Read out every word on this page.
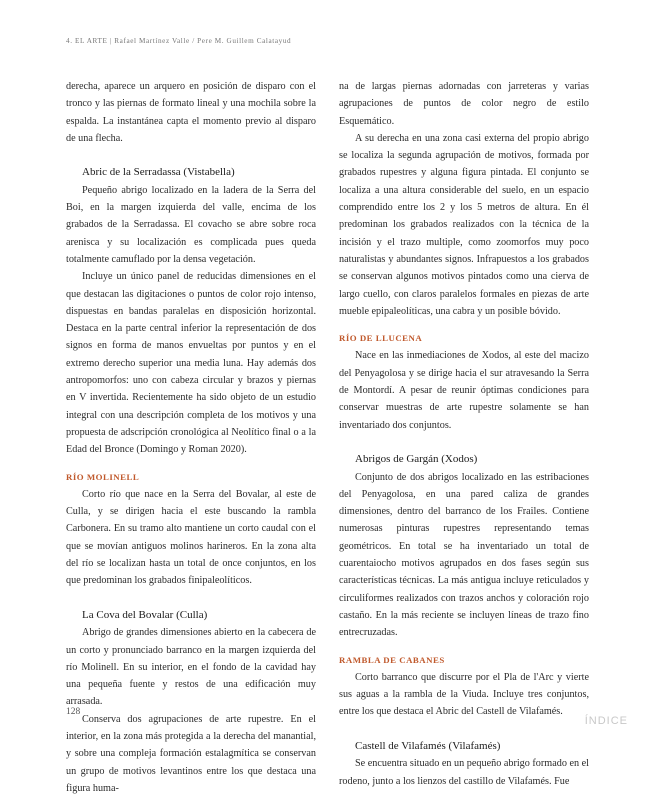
4. EL ARTE | Rafael Martínez Valle / Pere M. Guillem Calatayud

derecha, aparece un arquero en posición de disparo con el tronco y las piernas de formato lineal y una mochila sobre la espalda. La instantánea capta el momento previo al disparo de una flecha.

Abric de la Serradassa (Vistabella)

Pequeño abrigo localizado en la ladera de la Serra del Boi, en la margen izquierda del valle, encima de los grabados de la Serradassa. El covacho se abre sobre roca arenisca y su localización es complicada pues queda totalmente camuflado por la densa vegetación.

Incluye un único panel de reducidas dimensiones en el que destacan las digitaciones o puntos de color rojo intenso, dispuestas en bandas paralelas en disposición horizontal. Destaca en la parte central inferior la representación de dos signos en forma de manos envueltas por puntos y en el extremo derecho superior una media luna. Hay además dos antropomorfos: uno con cabeza circular y brazos y piernas en V invertida. Recientemente ha sido objeto de un estudio integral con una descripción completa de los motivos y una propuesta de adscripción cronológica al Neolítico final o a la Edad del Bronce (Domingo y Roman 2020).

RÍO MOLINELL

Corto río que nace en la Serra del Bovalar, al este de Culla, y se dirigen hacia el este buscando la rambla Carbonera. En su tramo alto mantiene un corto caudal con el que se movían antiguos molinos harineros. En la zona alta del río se localizan hasta un total de once conjuntos, en los que predominan los grabados finipaleolíticos.

La Cova del Bovalar (Culla)

Abrigo de grandes dimensiones abierto en la cabecera de un corto y pronunciado barranco en la margen izquierda del río Molinell. En su interior, en el fondo de la cavidad hay una pequeña fuente y restos de una edificación muy arrasada.

Conserva dos agrupaciones de arte rupestre. En el interior, en la zona más protegida a la derecha del manantial, y sobre una compleja formación estalagmítica se conservan un grupo de motivos levantinos entre los que destaca una figura huma-

na de largas piernas adornadas con jarreteras y varias agrupaciones de puntos de color negro de estilo Esquemático.

A su derecha en una zona casi externa del propio abrigo se localiza la segunda agrupación de motivos, formada por grabados rupestres y alguna figura pintada. El conjunto se localiza a una altura considerable del suelo, en un espacio comprendido entre los 2 y los 5 metros de altura. En él predominan los grabados realizados con la técnica de la incisión y el trazo multiple, como zoomorfos muy poco naturalistas y abundantes signos. Infrapuestos a los grabados se conservan algunos motivos pintados como una cierva de largo cuello, con claros paralelos formales en piezas de arte mueble epipaleolíticas, una cabra y un posible bóvido.

RÍO DE LLUCENA

Nace en las inmediaciones de Xodos, al este del macizo del Penyagolosa y se dirige hacia el sur atravesando la Serra de Montordí. A pesar de reunir óptimas condiciones para conservar muestras de arte rupestre solamente se han inventariado dos conjuntos.

Abrigos de Gargán (Xodos)

Conjunto de dos abrigos localizado en las estribaciones del Penyagolosa, en una pared caliza de grandes dimensiones, dentro del barranco de los Frailes. Contiene numerosas pinturas rupestres representando temas geométricos. En total se ha inventariado un total de cuarentaiocho motivos agrupados en dos fases según sus características técnicas. La más antigua incluye reticulados y circuliformes realizados con trazos anchos y coloración rojo castaño. En la más reciente se incluyen líneas de trazo fino entrecruzadas.

RAMBLA DE CABANES

Corto barranco que discurre por el Pla de l'Arc y vierte sus aguas a la rambla de la Viuda. Incluye tres conjuntos, entre los que destaca el Abric del Castell de Vilafamés.

Castell de Vilafamés (Vilafamés)

Se encuentra situado en un pequeño abrigo formado en el rodeno, junto a los lienzos del castillo de Vilafamés. Fue

128
ÍNDICE
